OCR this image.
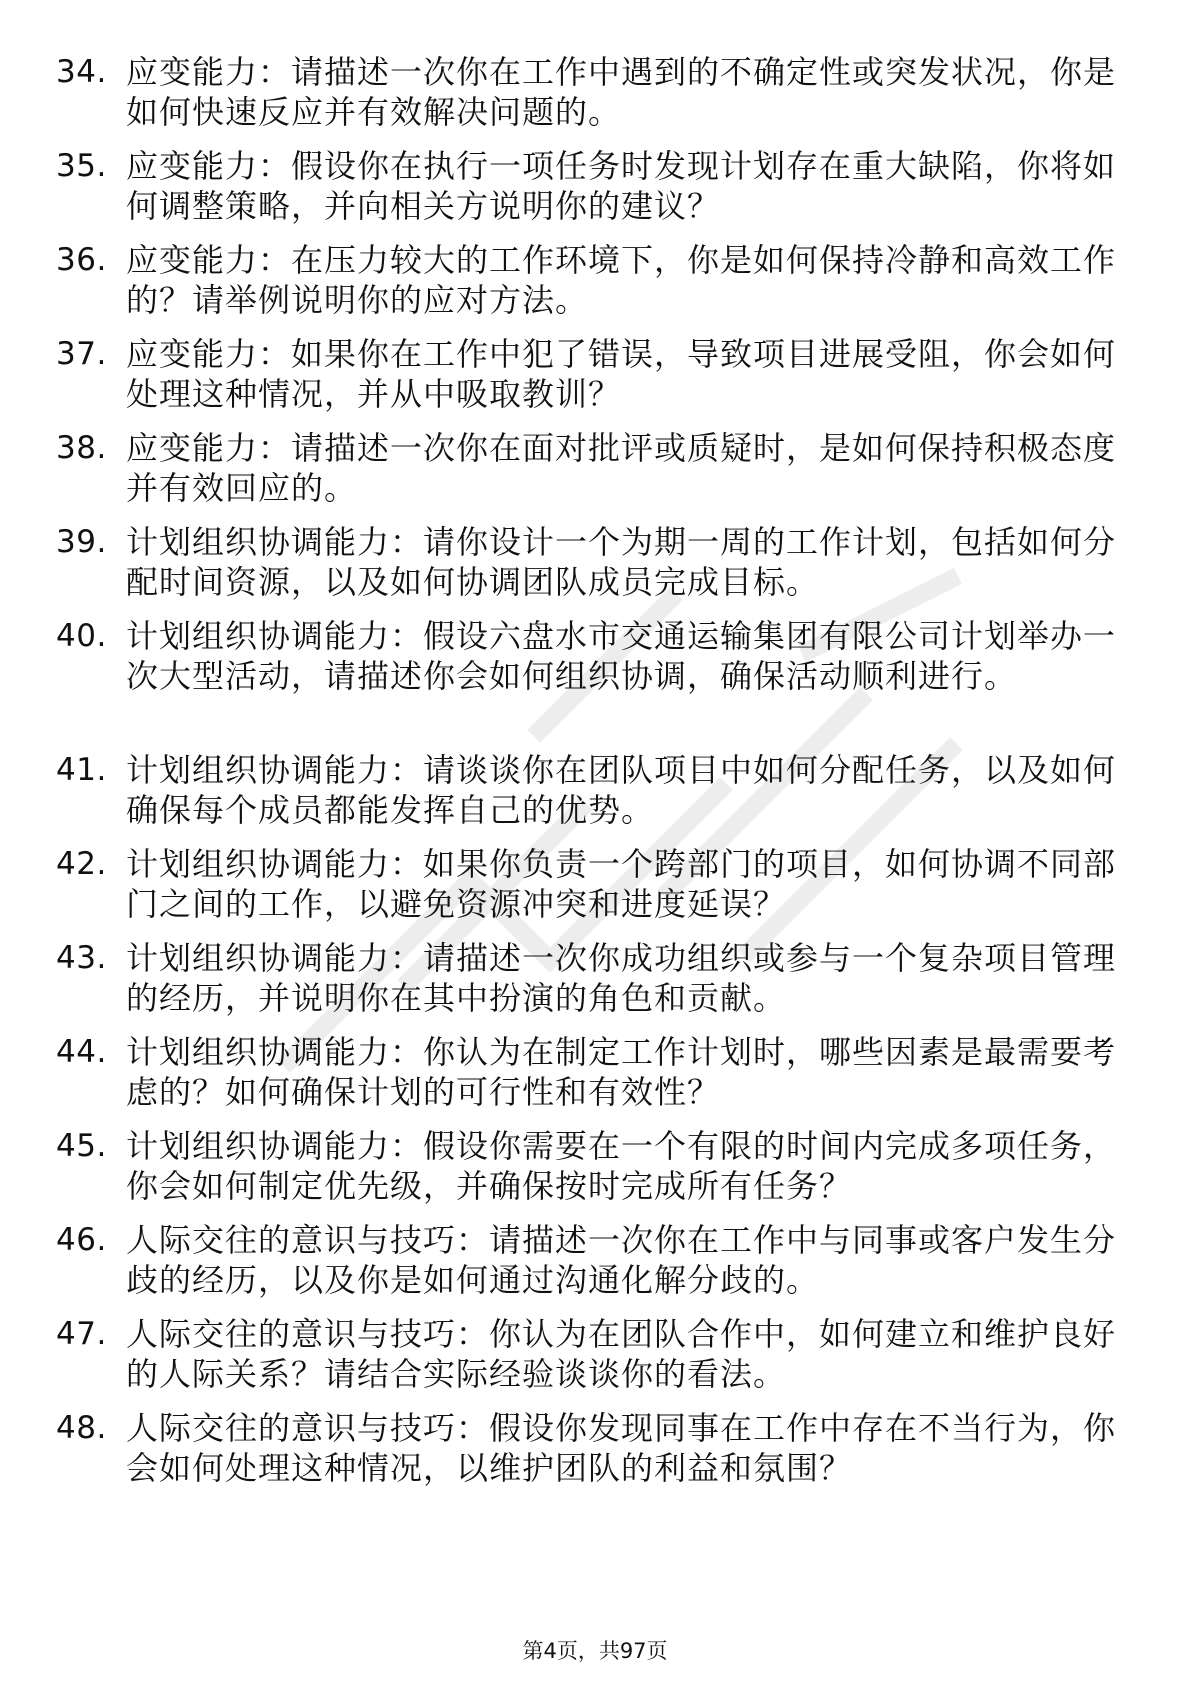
34. 应变能力：请描述一次你在工作中遇到的不确定性或突发状况，你是如何快速反应并有效解决问题的。
35. 应变能力：假设你在执行一项任务时发现计划存在重大缺陷，你将如何调整策略，并向相关方说明你的建议？
36. 应变能力：在压力较大的工作环境下，你是如何保持冷静和高效工作的？请举例说明你的应对方法。
37. 应变能力：如果你在工作中犯了错误，导致项目进展受阻，你会如何处理这种情况，并从中吸取教训？
38. 应变能力：请描述一次你在面对批评或质疑时，是如何保持积极态度并有效回应的。
39. 计划组织协调能力：请你设计一个为期一周的工作计划，包括如何分配时间资源，以及如何协调团队成员完成目标。
40. 计划组织协调能力：假设六盘水市交通运输集团有限公司计划举办一次大型活动，请描述你会如何组织协调，确保活动顺利进行。
41. 计划组织协调能力：请谈谈你在团队项目中如何分配任务，以及如何确保每个成员都能发挥自己的优势。
42. 计划组织协调能力：如果你负责一个跨部门的项目，如何协调不同部门之间的工作，以避免资源冲突和进度延误？
43. 计划组织协调能力：请描述一次你成功组织或参与一个复杂项目管理的经历，并说明你在其中扮演的角色和贡献。
44. 计划组织协调能力：你认为在制定工作计划时，哪些因素是最需要考虑的？如何确保计划的可行性和有效性？
45. 计划组织协调能力：假设你需要在一个有限的时间内完成多项任务，你会如何制定优先级，并确保按时完成所有任务？
46. 人际交往的意识与技巧：请描述一次你在工作中与同事或客户发生分歧的经历，以及你是如何通过沟通化解分歧的。
47. 人际交往的意识与技巧：你认为在团队合作中，如何建立和维护良好的人际关系？请结合实际经验谈谈你的看法。
48. 人际交往的意识与技巧：假设你发现同事在工作中存在不当行为，你会如何处理这种情况，以维护团队的利益和氛围？
第4页，共97页
